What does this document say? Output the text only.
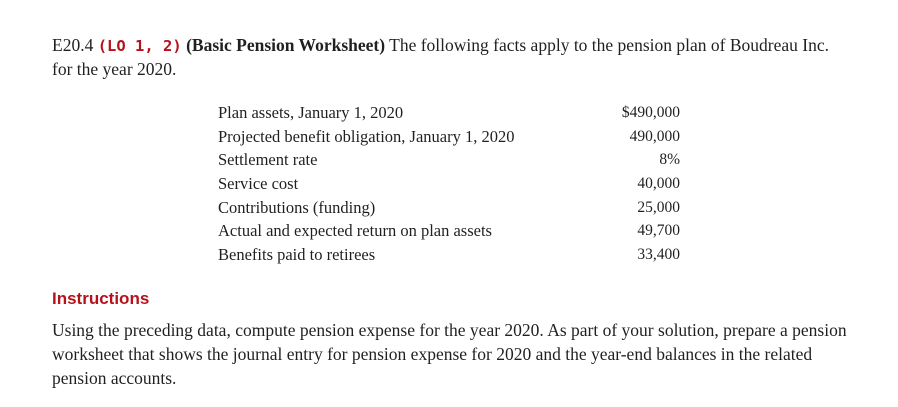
E20.4 (LO 1, 2) (Basic Pension Worksheet) The following facts apply to the pension plan of Boudreau Inc. for the year 2020.
Plan assets, January 1, 2020	$490,000
Projected benefit obligation, January 1, 2020	490,000
Settlement rate	8%
Service cost	40,000
Contributions (funding)	25,000
Actual and expected return on plan assets	49,700
Benefits paid to retirees	33,400
Instructions
Using the preceding data, compute pension expense for the year 2020. As part of your solution, prepare a pension worksheet that shows the journal entry for pension expense for 2020 and the year-end balances in the related pension accounts.
